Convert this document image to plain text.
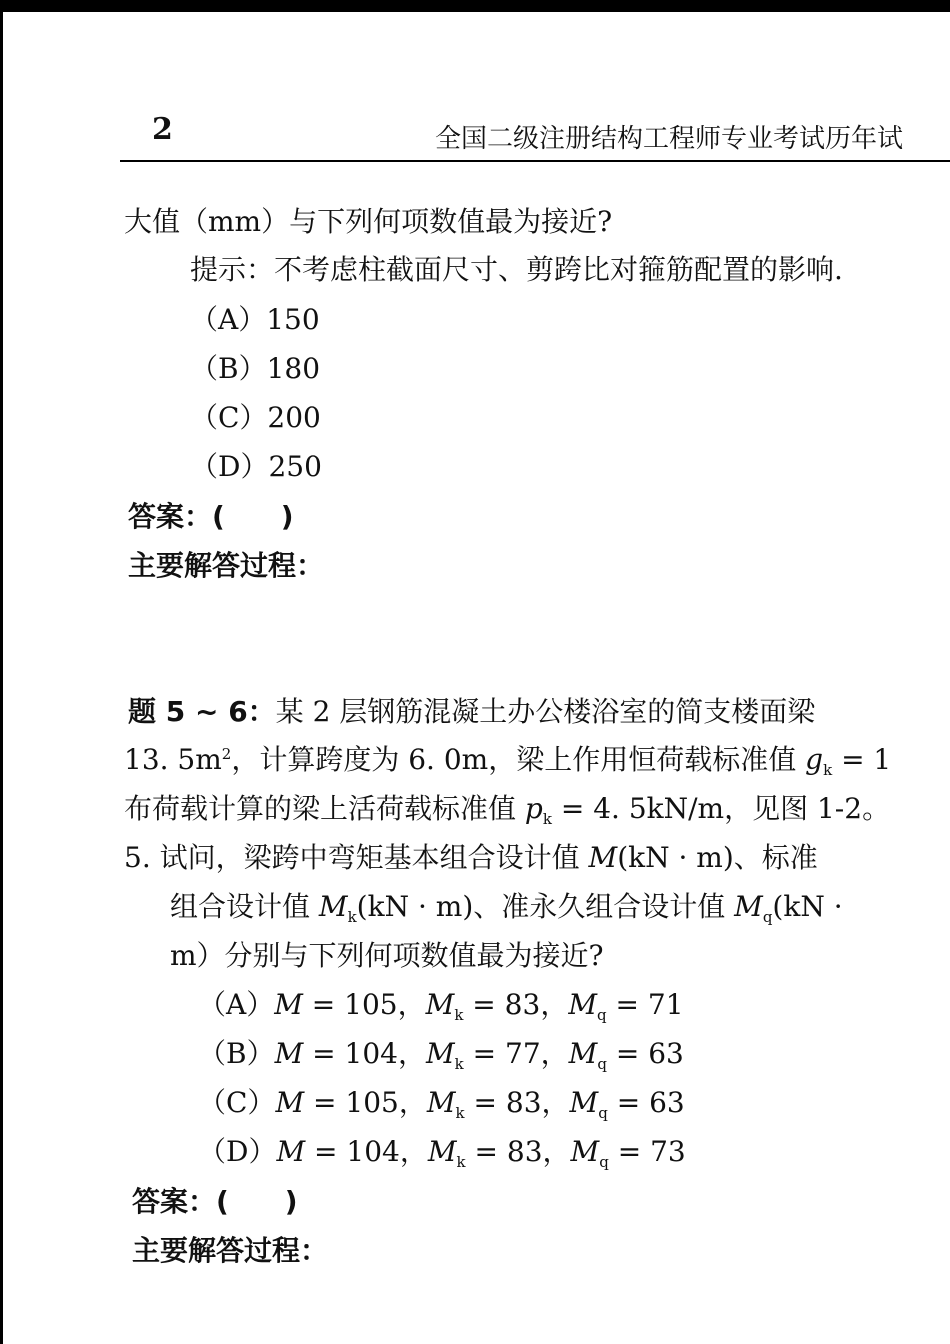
2	全国二级注册结构工程师专业考试历年试
大值（mm）与下列何项数值最为接近?
提示：不考虑柱截面尺寸、剪跨比对箍筋配置的影响.
（A）150
（B）180
（C）200
（D）250
答案：(　　)
主要解答过程：
题 5 ~ 6：某 2 层钢筋混凝土办公楼浴室的简支楼面梁
13. $5m^2$，计算跨度为 6. 0m，梁上作用恒荷载标准值 $g_k = 1$
布荷载计算的梁上活荷载标准值 $p_k = 4$. 5kN/m，见图 1-2。
5. 试问，梁跨中弯矩基本组合设计值 M(kN · m)、标准
组合设计值 $M_k(kN \cdot m)$、准永久组合设计值 $M_q(kN$ ·
m）分别与下列何项数值最为接近?
（A）M = 105，$M_k = 83$，$M_q = 71$
（B）M = 104，$M_k = 77$，$M_q = 63$
（C）M = 105，$M_k = 83$，$M_q = 63$
（D）M = 104，$M_k = 83$，$M_q = 73$
答案：(　　)
主要解答过程：
